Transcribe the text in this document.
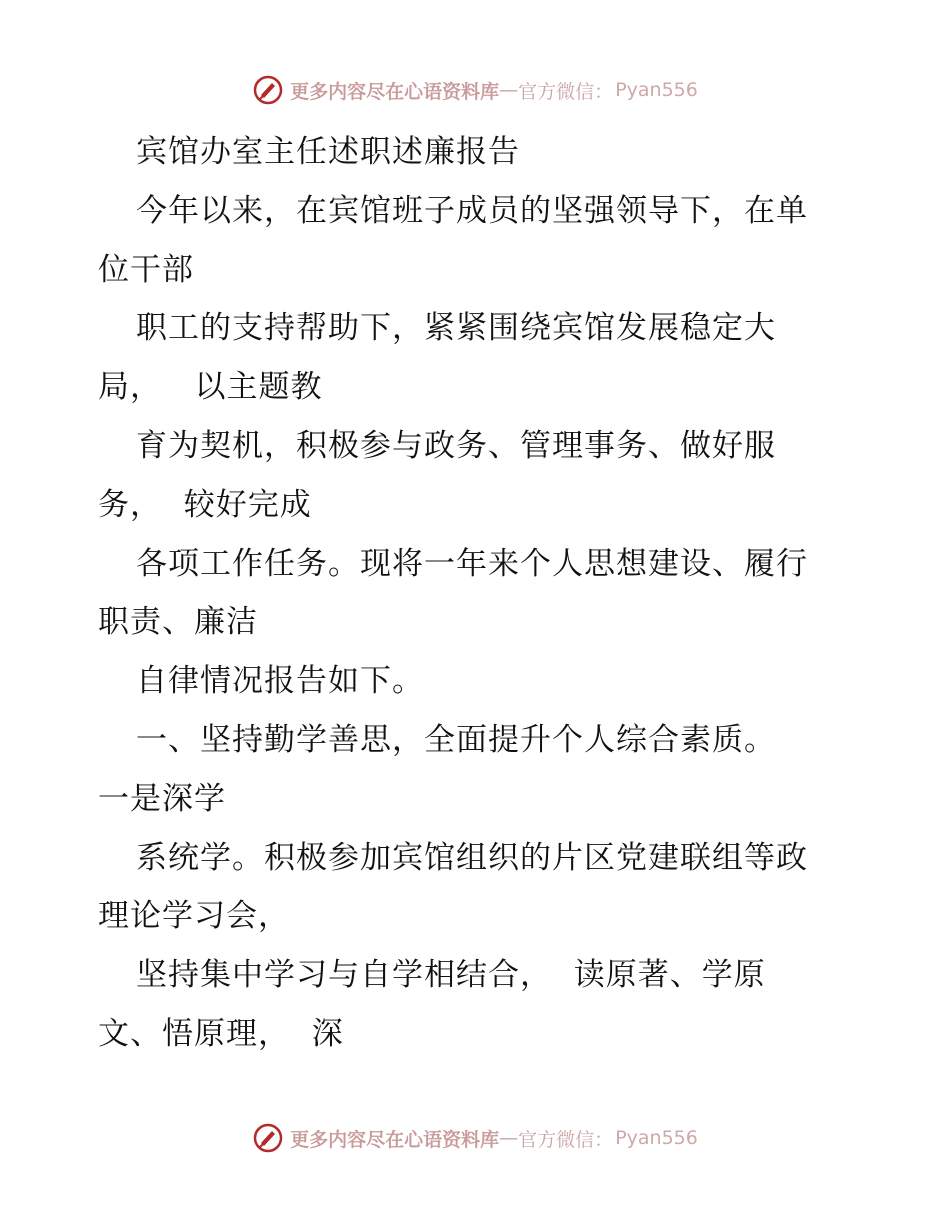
更多内容尽在心语资料库 — 官方微信： Pyan556

宾馆办室主任述职述廉报告

今年以来，在宾馆班子成员的坚强领导下，在单

位干部

职工的支持帮助下，紧紧围绕宾馆发展稳定大

局，   以主题教

育为契机，积极参与政务、管理事务、做好服

务，  较好完成

各项工作任务。现将一年来个人思想建设、履行

职责、廉洁

自律情况报告如下。

一、坚持勤学善思，全面提升个人综合素质。

一是深学

系统学。积极参加宾馆组织的片区党建联组等政

理论学习会，

坚持集中学习与自学相结合，  读原著、学原

文、悟原理，  深

更多内容尽在心语资料库 — 官方微信： Pyan556
